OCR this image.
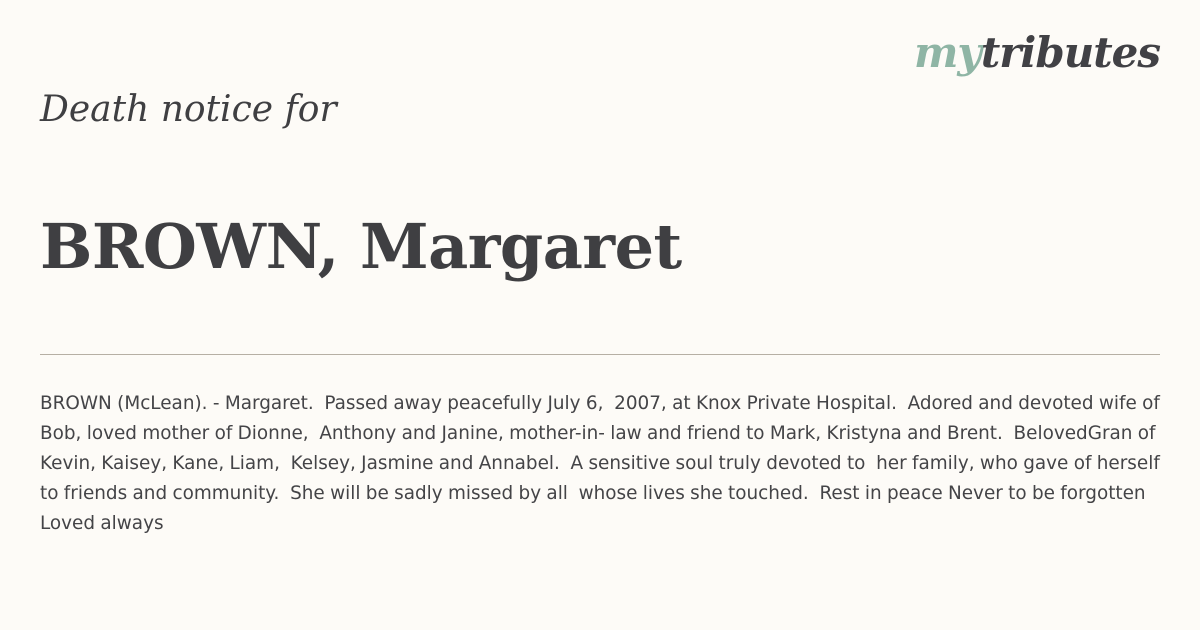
mytributes
Death notice for
BROWN, Margaret
BROWN (McLean). - Margaret.  Passed away peacefully July 6,  2007, at Knox Private Hospital.  Adored and devoted wife of  Bob, loved mother of Dionne,  Anthony and Janine, mother-in- law and friend to Mark, Kristyna and Brent.  BelovedGran of  Kevin, Kaisey, Kane, Liam,  Kelsey, Jasmine and Annabel.  A sensitive soul truly devoted to  her family, who gave of herself  to friends and community.  She will be sadly missed by all  whose lives she touched.  Rest in peace Never to be forgotten Loved always
